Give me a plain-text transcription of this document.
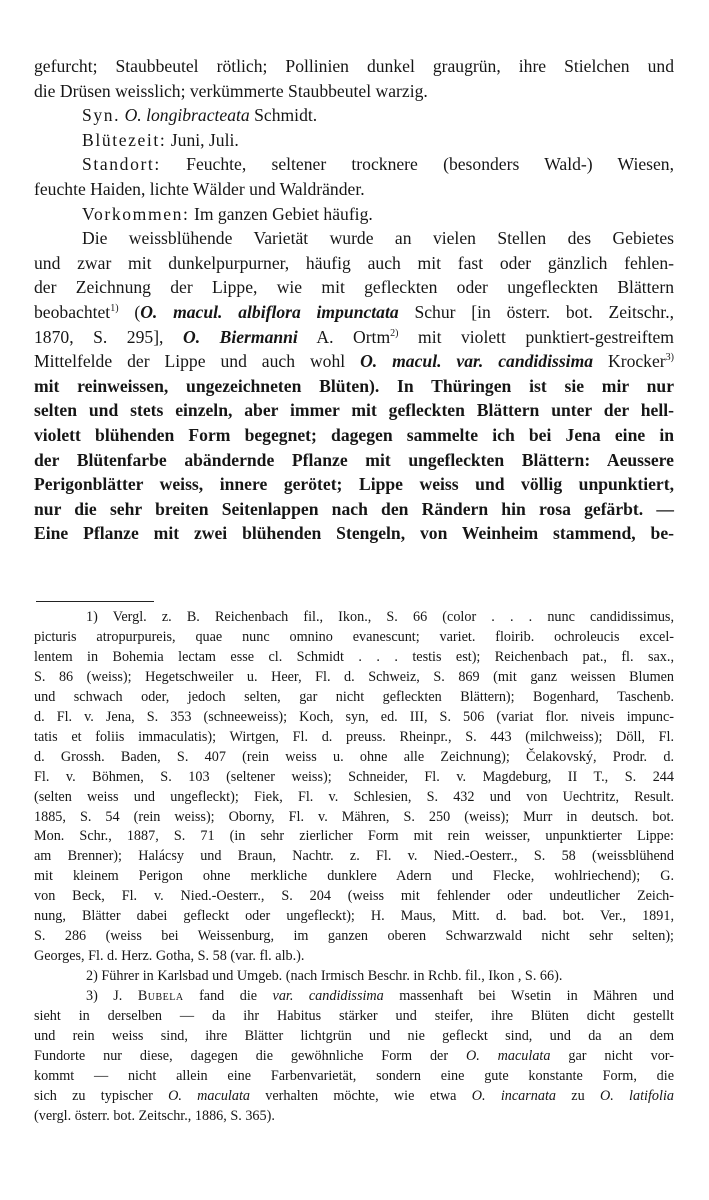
gefurcht; Staubbeutel rötlich; Pollinien dunkel graugrün, ihre Stielchen und
die Drüsen weisslich; verkümmerte Staubbeutel warzig.
Syn. O. longibracteata Schmidt.
Blütezeit: Juni, Juli.
Standort: Feuchte, seltener trocknere (besonders Wald-) Wiesen,
feuchte Haiden, lichte Wälder und Waldränder.
Vorkommen: Im ganzen Gebiet häufig.
Die weissblühende Varietät wurde an vielen Stellen des Gebietes
und zwar mit dunkelpurpurner, häufig auch mit fast oder gänzlich fehlen-
der Zeichnung der Lippe, wie mit gefleckten oder ungefleckten Blättern
beobachtet$^{1)}$ (O. macul. albiflora impunctata Schur [in österr. bot. Zeitschr.,
1870, S. 295], O. Biermanni A. Ortm$^{2)}$ mit violett punktiert-gestreiftem
Mittelfelde der Lippe und auch wohl O. macul. var. candidissima Krocker$^{3)}$
mit reinweissen, ungezeichneten Blüten). In Thüringen ist sie mir nur
selten und stets einzeln, aber immer mit gefleckten Blättern unter der hell-
violett blühenden Form begegnet; dagegen sammelte ich bei Jena eine in
der Blütenfarbe abändernde Pflanze mit ungefleckten Blättern: Aeussere
Perigonblätter weiss, innere gerötet; Lippe weiss und völlig unpunktiert,
nur die sehr breiten Seitenlappen nach den Rändern hin rosa gefärbt. —
Eine Pflanze mit zwei blühenden Stengeln, von Weinheim stammend, be-
1) Vergl. z. B. Reichenbach fil., Ikon., S. 66 (color . . . nunc candidissimus,
picturis atropurpureis, quae nunc omnino evanescunt; variet. floirib. ochroleucis excel-
lentem in Bohemia lectam esse cl. Schmidt . . . testis est); Reichenbach pat., fl. sax.,
S. 86 (weiss); Hegetschweiler u. Heer, Fl. d. Schweiz, S. 869 (mit ganz weissen Blumen
und schwach oder, jedoch selten, gar nicht gefleckten Blättern); Bogenhard, Taschenb.
d. Fl. v. Jena, S. 353 (schneeweiss); Koch, syn, ed. III, S. 506 (variat flor. niveis impunc-
tatis et foliis immaculatis); Wirtgen, Fl. d. preuss. Rheinpr., S. 443 (milchweiss); Döll, Fl.
d. Grossh. Baden, S. 407 (rein weiss u. ohne alle Zeichnung); Čelakovský, Prodr. d.
Fl. v. Böhmen, S. 103 (seltener weiss); Schneider, Fl. v. Magdeburg, II T., S. 244
(selten weiss und ungefleckt); Fiek, Fl. v. Schlesien, S. 432 und von Uechtritz, Result.
1885, S. 54 (rein weiss); Oborny, Fl. v. Mähren, S. 250 (weiss); Murr in deutsch. bot.
Mon. Schr., 1887, S. 71 (in sehr zierlicher Form mit rein weisser, unpunktierter Lippe:
am Brenner); Halácsy und Braun, Nachtr. z. Fl. v. Nied.-Oesterr., S. 58 (weissblühend
mit kleinem Perigon ohne merkliche dunklere Adern und Flecke, wohlriechend); G.
von Beck, Fl. v. Nied.-Oesterr., S. 204 (weiss mit fehlender oder undeutlicher Zeich-
nung, Blätter dabei gefleckt oder ungefleckt); H. Maus, Mitt. d. bad. bot. Ver., 1891,
S. 286 (weiss bei Weissenburg, im ganzen oberen Schwarzwald nicht sehr selten);
Georges, Fl. d. Herz. Gotha, S. 58 (var. fl. alb.).
2) Führer in Karlsbad und Umgeb. (nach Irmisch Beschr. in Rchb. fil., Ikon , S. 66).
3) J. Bubela fand die var. candidissima massenhaft bei Wsetin in Mähren und
sieht in derselben — da ihr Habitus stärker und steifer, ihre Blüten dicht gestellt
und rein weiss sind, ihre Blätter lichtgrün und nie gefleckt sind, und da an dem
Fundorte nur diese, dagegen die gewöhnliche Form der O. maculata gar nicht vor-
kommt — nicht allein eine Farbenvarietät, sondern eine gute konstante Form, die
sich zu typischer O. maculata verhalten möchte, wie etwa O. incarnata zu O. latifolia
(vergl. österr. bot. Zeitschr., 1886, S. 365).
